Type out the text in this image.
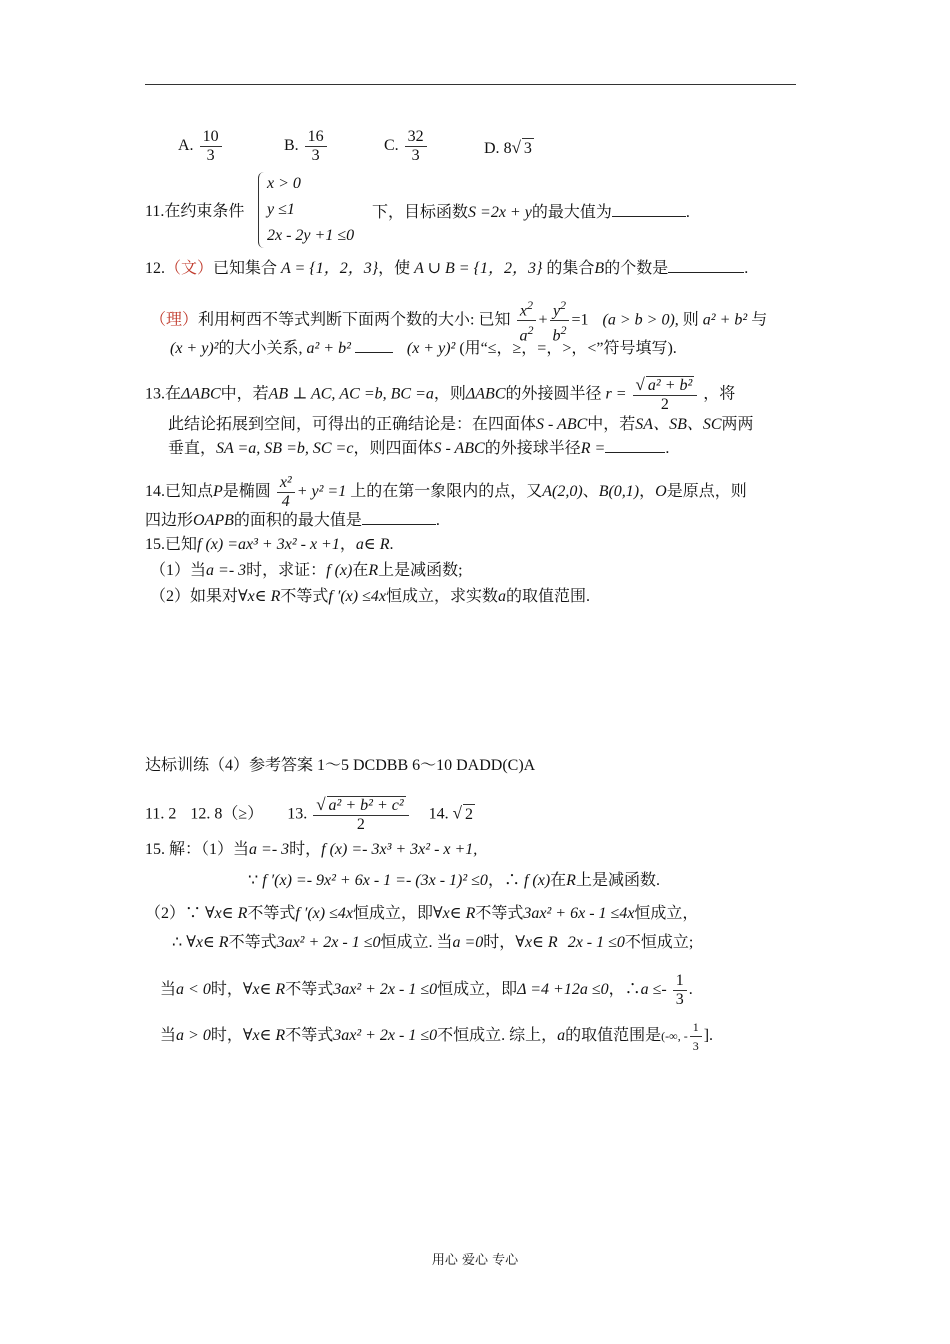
A. $\frac{10}{3}$	B. $\frac{16}{3}$	C. $\frac{32}{3}$	D. 8√ 3
x > 0
y ≤1
2x - 2y +1 ≤0
11.在约束条件	下，目标函数S =2x + y的最大值为	.
12.（文）已知集合 A = {1，2，3}，使 A ∪ B = {1，2，3} 的集合B的个数是	.
（理）利用柯西不等式判断下面两个数的大小: 已知 $\frac{x^2}{a^2} + \frac{y^2}{b^2} =1$ (a > b > 0), 则 a² + b² 与
(x + y)²的大小关系, a² + b²	(x + y)² (用“≤，≥，=，>，<”符号填写).
13.在ΔABC中，若AB ⊥ AC, AC =b, BC =a，则ΔABC的外接圆半径 $r = \frac{\text{√ a² + b²}}{2}$ ，将
此结论拓展到空间，可得出的正确结论是：在四面体S - ABC中，若SA、SB、SC两两
垂直，SA =a, SB =b, SC =c，则四面体S - ABC的外接球半径R =	.
14.已知点P是椭圆 $\frac{\text{x²}}{4} + y^2 =1$ 上的在第一象限内的点，又A(2,0)、B(0,1)，O是原点，则
四边形OAPB的面积的最大值是	.
15.已知f (x) =ax³ + 3x² - x +1，a∈ R.
（1）当a =- 3时，求证：f (x)在R上是减函数;
（2）如果对∀x∈ R不等式f ′(x) ≤4x恒成立，求实数a的取值范围.
达标训练（4）参考答案 1～5 DCDBB 6～10 DADD(C)A
11. 2 12. 8（≥） 13. $\frac{\text{√ a² + b² + c²}}{2} 14$. √ 2
15. 解：（1）当a =- 3时，f (x) =- 3x³ + 3x² - x +1,
∵ f ′(x) =- 9x² + 6x - 1 =- (3x - 1)² ≤0，∴ f (x)在R上是减函数.
（2）∵ ∀x∈ R不等式f ′(x) ≤4x恒成立，即∀x∈ R不等式3ax² + 6x - 1 ≤4x恒成立，
∴ ∀x∈ R不等式3ax² + 2x - 1 ≤0恒成立. 当a =0时，∀x∈ R 2x - 1 ≤0不恒成立;
当a < 0时，∀x∈ R不等式3ax² + 2x - 1 ≤0恒成立，即Δ =4 +12a ≤0，∴a ≤- $\frac{1}{3}$ .
当a > 0时，∀x∈ R不等式3ax² + 2x - 1 ≤0不恒成立. 综上，a的取值范围是(-∞, - $\frac{1}{3}$ ].
用心 爱心 专心
